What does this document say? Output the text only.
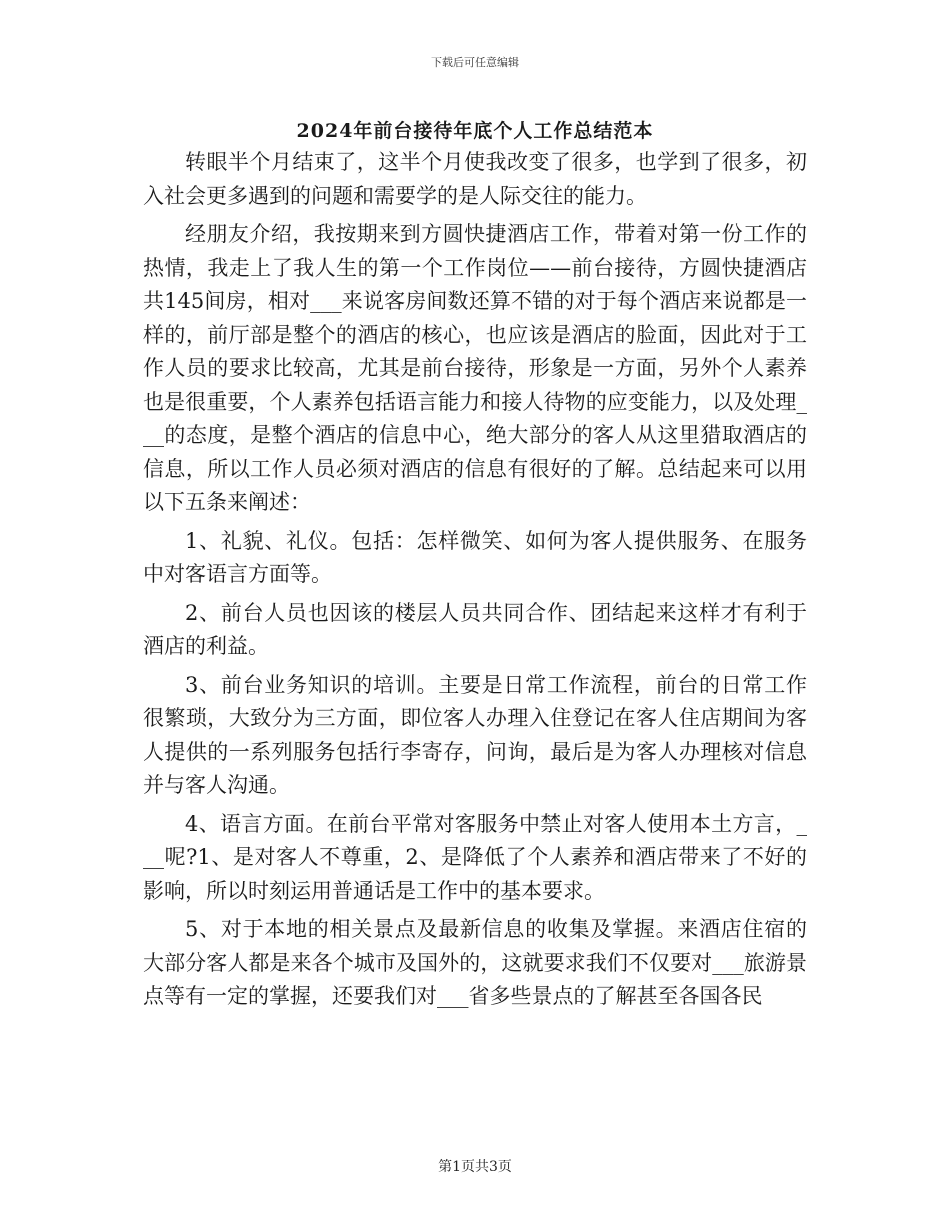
下载后可任意编辑
2024年前台接待年底个人工作总结范本

转眼半个月结束了，这半个月使我改变了很多，也学到了很多，初入社会更多遇到的问题和需要学的是人际交往的能力。

经朋友介绍，我按期来到方圆快捷酒店工作，带着对第一份工作的热情，我走上了我人生的第一个工作岗位——前台接待，方圆快捷酒店共145间房，相对___来说客房间数还算不错的对于每个酒店来说都是一样的，前厅部是整个的酒店的核心，也应该是酒店的脸面，因此对于工作人员的要求比较高，尤其是前台接待，形象是一方面，另外个人素养也是很重要，个人素养包括语言能力和接人待物的应变能力，以及处理___的态度，是整个酒店的信息中心，绝大部分的客人从这里猎取酒店的信息，所以工作人员必须对酒店的信息有很好的了解。总结起来可以用以下五条来阐述：

1、礼貌、礼仪。包括：怎样微笑、如何为客人提供服务、在服务中对客语言方面等。

2、前台人员也因该的楼层人员共同合作、团结起来这样才有利于酒店的利益。

3、前台业务知识的培训。主要是日常工作流程，前台的日常工作很繁琐，大致分为三方面，即位客人办理入住登记在客人住店期间为客人提供的一系列服务包括行李寄存，问询，最后是为客人办理核对信息并与客人沟通。

4、语言方面。在前台平常对客服务中禁止对客人使用本土方言，___呢?1、是对客人不尊重，2、是降低了个人素养和酒店带来了不好的影响，所以时刻运用普通话是工作中的基本要求。

5、对于本地的相关景点及最新信息的收集及掌握。来酒店住宿的大部分客人都是来各个城市及国外的，这就要求我们不仅要对___旅游景点等有一定的掌握，还要我们对___省多些景点的了解甚至各国各民

第1页共3页
